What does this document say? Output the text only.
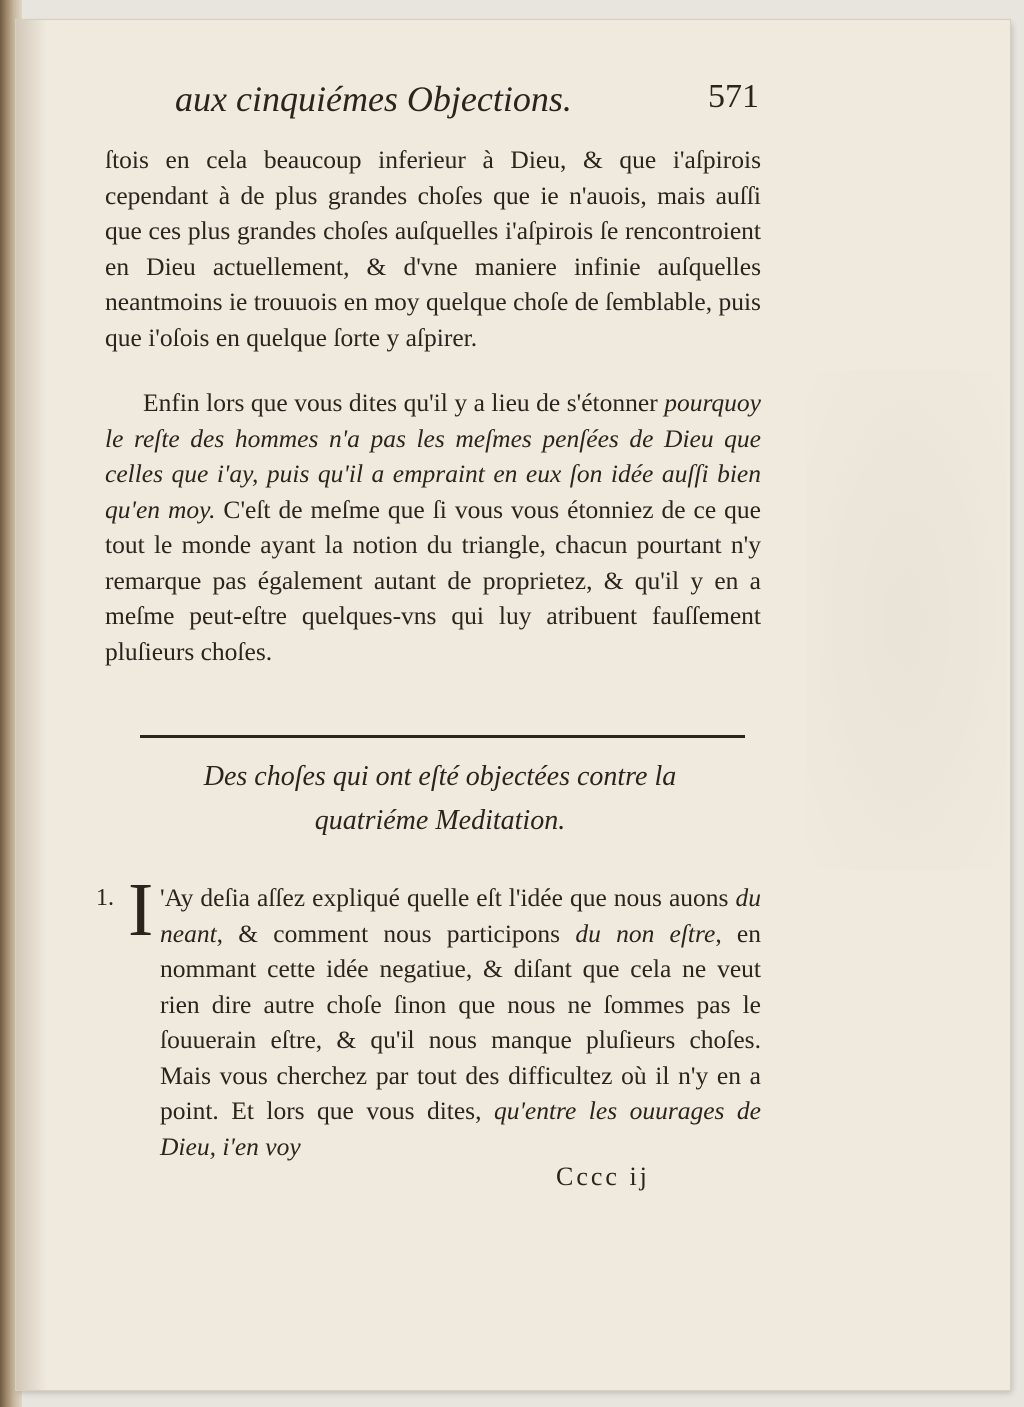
aux cinquiémes Objections.	571
ſtois en cela beaucoup inferieur à Dieu, & que i'aſpirois cependant à de plus grandes choſes que ie n'auois, mais auſſi que ces plus grandes choſes auſquelles i'aſpirois ſe rencontroient en Dieu actuellement, & d'vne maniere infinie auſquelles neantmoins ie trouuois en moy quelque choſe de ſemblable, puis que i'oſois en quelque ſorte y aſpirer.
Enfin lors que vous dites qu'il y a lieu de s'étonner pourquoy le reſte des hommes n'a pas les meſmes penſées de Dieu que celles que i'ay, puis qu'il a empraint en eux ſon idée auſſi bien qu'en moy. C'eſt de meſme que ſi vous vous étonniez de ce que tout le monde ayant la notion du triangle, chacun pourtant n'y remarque pas également autant de proprietez, & qu'il y en a meſme peut-eſtre quelques-vns qui luy atribuent fauſſement pluſieurs choſes.
Des choſes qui ont eſté objectées contre la
quatriéme Meditation.
1. I 'Ay deſia aſſez expliqué quelle eſt l'idée que nous auons du neant, & comment nous participons du non eſtre, en nommant cette idée negatiue, & diſant que cela ne veut rien dire autre choſe ſinon que nous ne ſommes pas le ſouuerain eſtre, & qu'il nous manque pluſieurs choſes. Mais vous cherchez par tout des difficultez où il n'y en a point. Et lors que vous dites, qu'entre les ouurages de Dieu, i'en voy
Cccc ij
